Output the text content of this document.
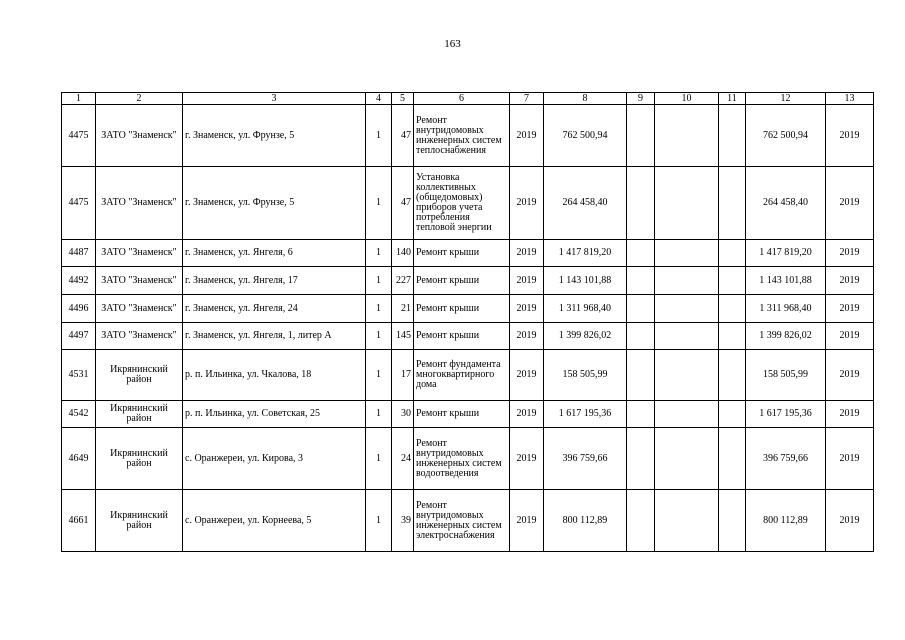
163
1	2	3	4	5	6	7	8	9	10	11	12	13
4475	ЗАТО "Знаменск"	г. Знаменск, ул. Фрунзе, 5	1	47	Ремонт внутридомовых инженерных систем теплоснабжения	2019	762 500,94				762 500,94	2019
4475	ЗАТО "Знаменск"	г. Знаменск, ул. Фрунзе, 5	1	47	Установка коллективных (общедомовых) приборов учета потребления тепловой энергии	2019	264 458,40				264 458,40	2019
4487	ЗАТО "Знаменск"	г. Знаменск, ул. Янгеля, 6	1	140	Ремонт крыши	2019	1 417 819,20				1 417 819,20	2019
4492	ЗАТО "Знаменск"	г. Знаменск, ул. Янгеля, 17	1	227	Ремонт крыши	2019	1 143 101,88				1 143 101,88	2019
4496	ЗАТО "Знаменск"	г. Знаменск, ул. Янгеля, 24	1	21	Ремонт крыши	2019	1 311 968,40				1 311 968,40	2019
4497	ЗАТО "Знаменск"	г. Знаменск, ул. Янгеля, 1, литер А	1	145	Ремонт крыши	2019	1 399 826,02				1 399 826,02	2019
4531	Икрянинский район	р. п. Ильинка, ул. Чкалова, 18	1	17	Ремонт фундамента многоквартирного дома	2019	158 505,99				158 505,99	2019
4542	Икрянинский район	р. п. Ильинка, ул. Советская, 25	1	30	Ремонт крыши	2019	1 617 195,36				1 617 195,36	2019
4649	Икрянинский район	с. Оранжереи, ул. Кирова, 3	1	24	Ремонт внутридомовых инженерных систем водоотведения	2019	396 759,66				396 759,66	2019
4661	Икрянинский район	с. Оранжереи, ул. Корнеева, 5	1	39	Ремонт внутридомовых инженерных систем электроснабжения	2019	800 112,89				800 112,89	2019
